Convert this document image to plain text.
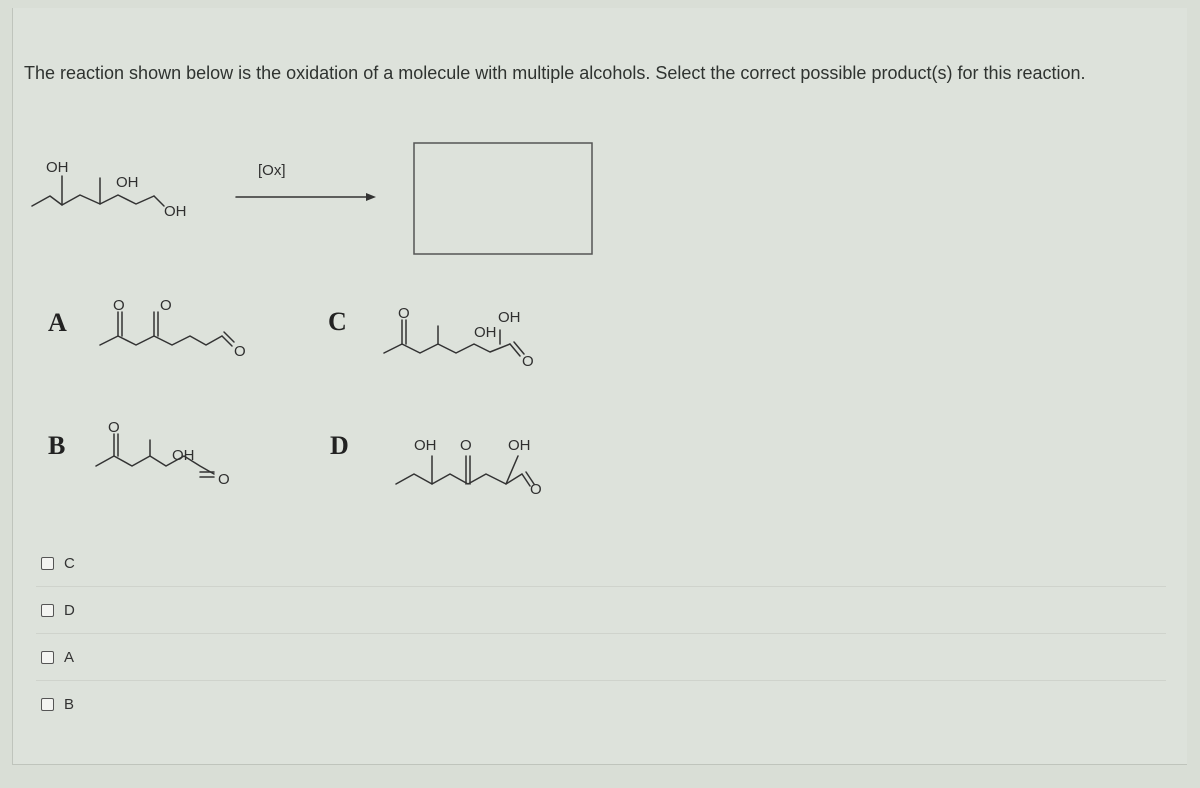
The reaction shown below is the oxidation of a molecule with multiple alcohols. Select the correct possible product(s) for this reaction.
OH
OH
OH
[Ox]
A
O O
O
B
O
OH
O
C	O	OH
OH
O
D	OH O OH
O
C
D
A
B
